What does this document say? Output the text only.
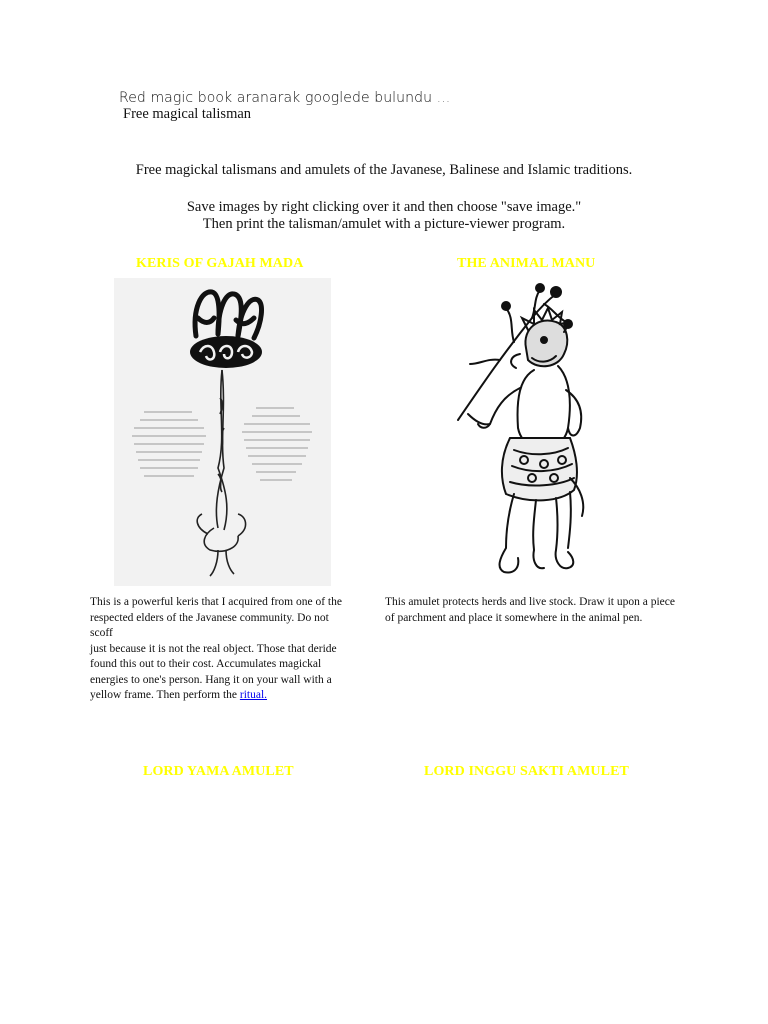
Red magic book aranarak googlede bulundu ...
Free magical talisman
Free magickal talismans and amulets of the Javanese, Balinese and Islamic traditions.
Save images by right clicking over it and then choose "save image."
Then print the talisman/amulet with a picture-viewer program.
KERIS OF GAJAH MADA	THE ANIMAL MANU
This is a powerful keris that I acquired from one of the
respected elders of the Javanese community. Do not scoff
just because it is not the real object. Those that deride
found this out to their cost. Accumulates magickal
energies to one's person. Hang it on your wall with a yellow frame. Then perform the ritual.
This amulet protects herds and live stock. Draw it upon a piece of parchment and place it somewhere in the animal pen.
LORD YAMA AMULET	LORD INGGU SAKTI AMULET
